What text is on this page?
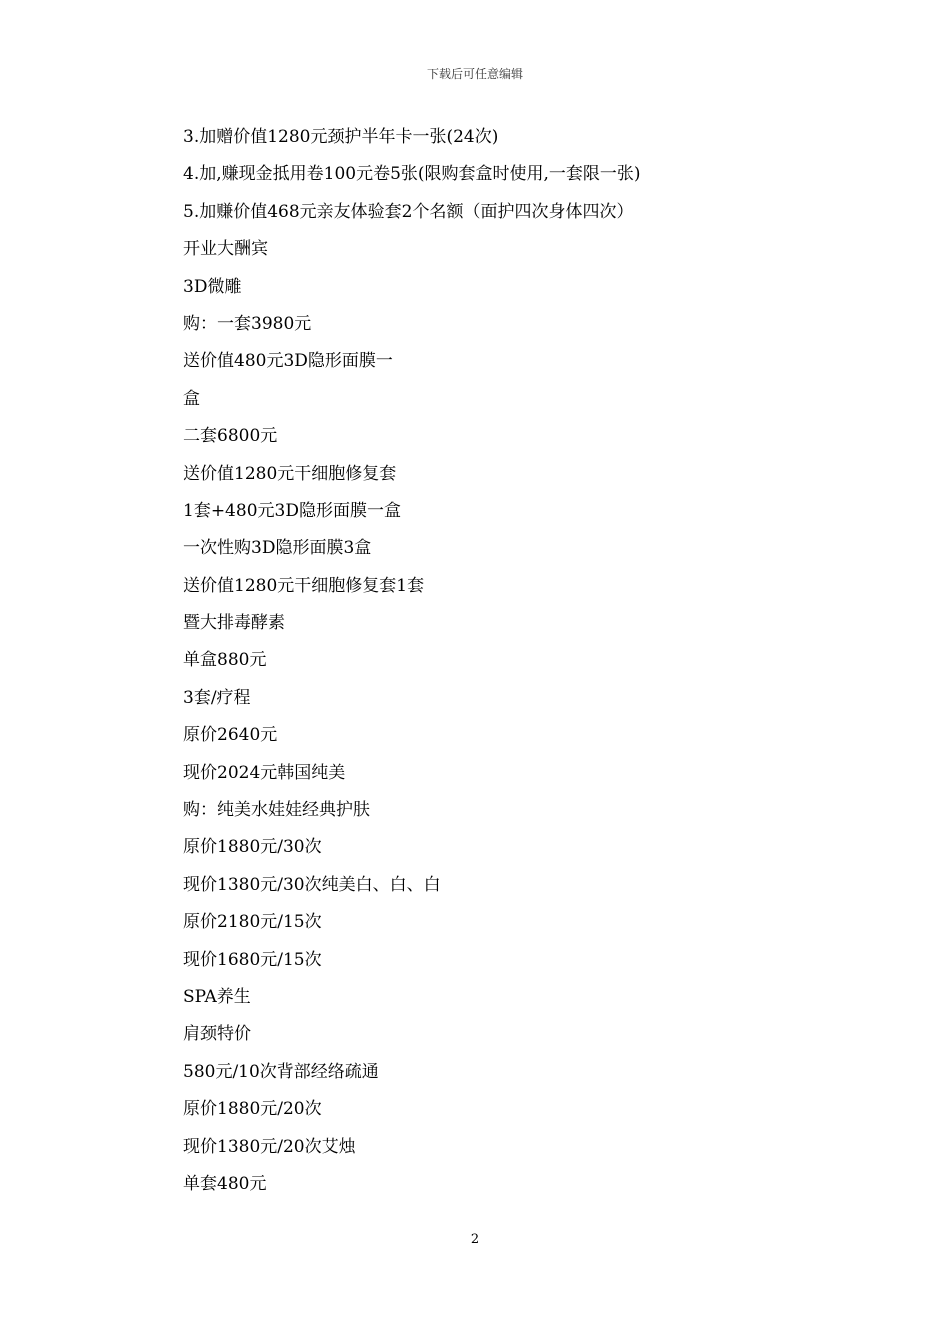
下载后可任意编辑
3.加赠价值1280元颈护半年卡一张(24次)
4.加,赚现金抵用卷100元卷5张(限购套盒时使用,一套限一张)
5.加赚价值468元亲友体验套2个名额（面护四次身体四次）
开业大酬宾
3D微雕
购：一套3980元
送价值480元3D隐形面膜一
盒
二套6800元
送价值1280元干细胞修复套
1套+480元3D隐形面膜一盒
一次性购3D隐形面膜3盒
送价值1280元干细胞修复套1套
暨大排毒酵素
单盒880元
3套/疗程
原价2640元
现价2024元韩国纯美
购：纯美水娃娃经典护肤
原价1880元/30次
现价1380元/30次纯美白、白、白
原价2180元/15次
现价1680元/15次
SPA养生
肩颈特价
580元/10次背部经络疏通
原价1880元/20次
现价1380元/20次艾烛
单套480元
2
